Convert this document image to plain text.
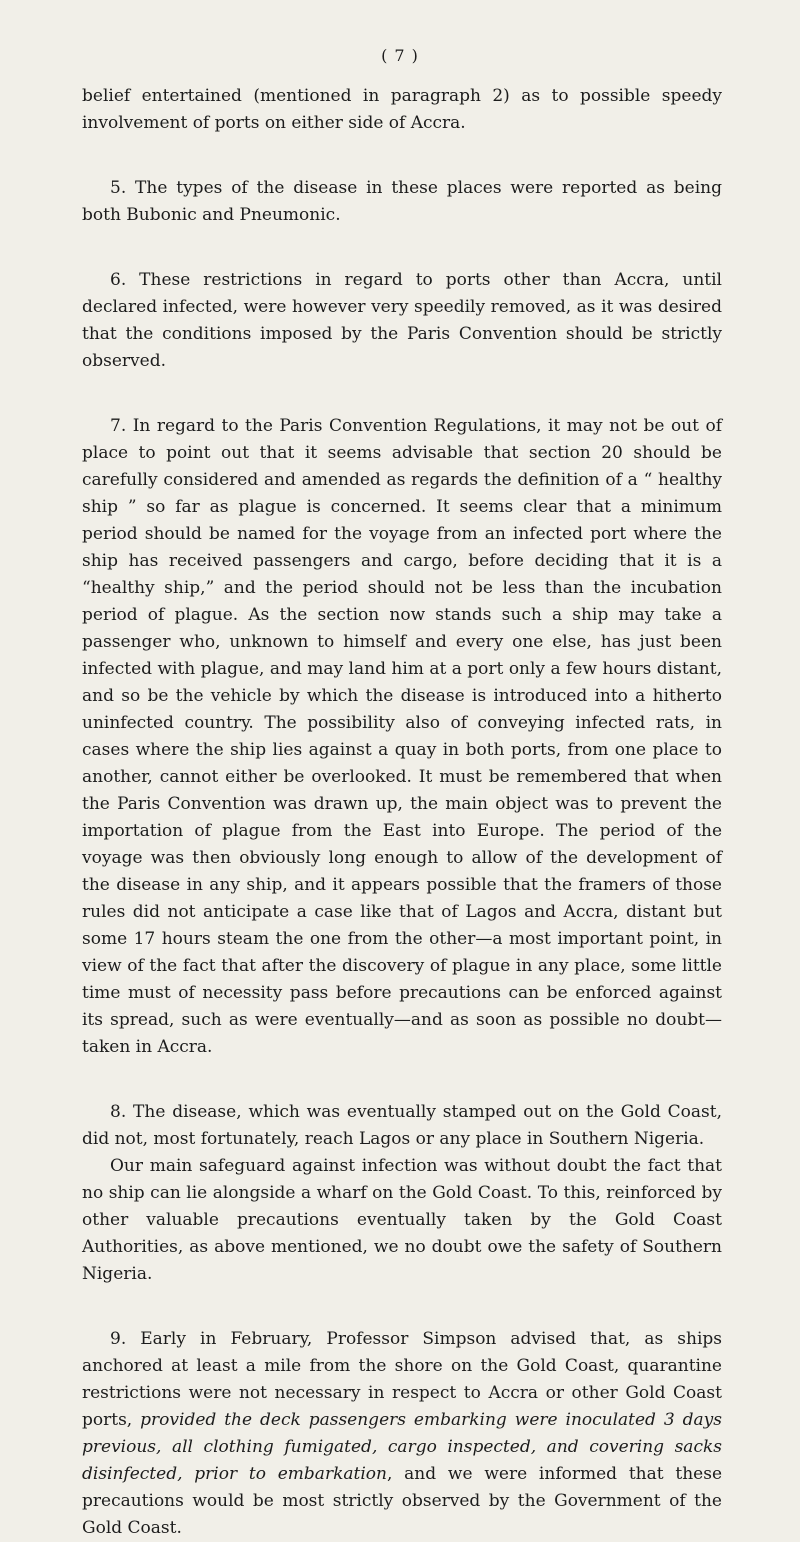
( 7 )

belief entertained (mentioned in paragraph 2) as to possible speedy involvement of ports on either side of Accra.

5. The types of the disease in these places were reported as being both Bubonic and Pneumonic.

6. These restrictions in regard to ports other than Accra, until declared infected, were however very speedily removed, as it was desired that the conditions imposed by the Paris Convention should be strictly observed.

7. In regard to the Paris Convention Regulations, it may not be out of place to point out that it seems advisable that section 20 should be carefully considered and amended as regards the definition of a “ healthy ship ” so far as plague is concerned. It seems clear that a minimum period should be named for the voyage from an infected port where the ship has received passengers and cargo, before deciding that it is a “healthy ship,” and the period should not be less than the incubation period of plague. As the section now stands such a ship may take a passenger who, unknown to himself and every one else, has just been infected with plague, and may land him at a port only a few hours distant, and so be the vehicle by which the disease is introduced into a hitherto uninfected country. The possibility also of conveying infected rats, in cases where the ship lies against a quay in both ports, from one place to another, cannot either be overlooked. It must be remembered that when the Paris Convention was drawn up, the main object was to prevent the importation of plague from the East into Europe. The period of the voyage was then obviously long enough to allow of the development of the disease in any ship, and it appears possible that the framers of those rules did not anticipate a case like that of Lagos and Accra, distant but some 17 hours steam the one from the other—a most important point, in view of the fact that after the discovery of plague in any place, some little time must of necessity pass before precautions can be enforced against its spread, such as were eventually—and as soon as possible no doubt—taken in Accra.

8. The disease, which was eventually stamped out on the Gold Coast, did not, most fortunately, reach Lagos or any place in Southern Nigeria.

Our main safeguard against infection was without doubt the fact that no ship can lie alongside a wharf on the Gold Coast. To this, reinforced by other valuable precautions eventually taken by the Gold Coast Authorities, as above mentioned, we no doubt owe the safety of Southern Nigeria.

9. Early in February, Professor Simpson advised that, as ships anchored at least a mile from the shore on the Gold Coast, quarantine restrictions were not necessary in respect to Accra or other Gold Coast ports, provided the deck passengers embarking were inoculated 3 days previous, all clothing fumigated, cargo inspected, and covering sacks disinfected, prior to embarkation, and we were informed that these precautions would be most strictly observed by the Government of the Gold Coast.
